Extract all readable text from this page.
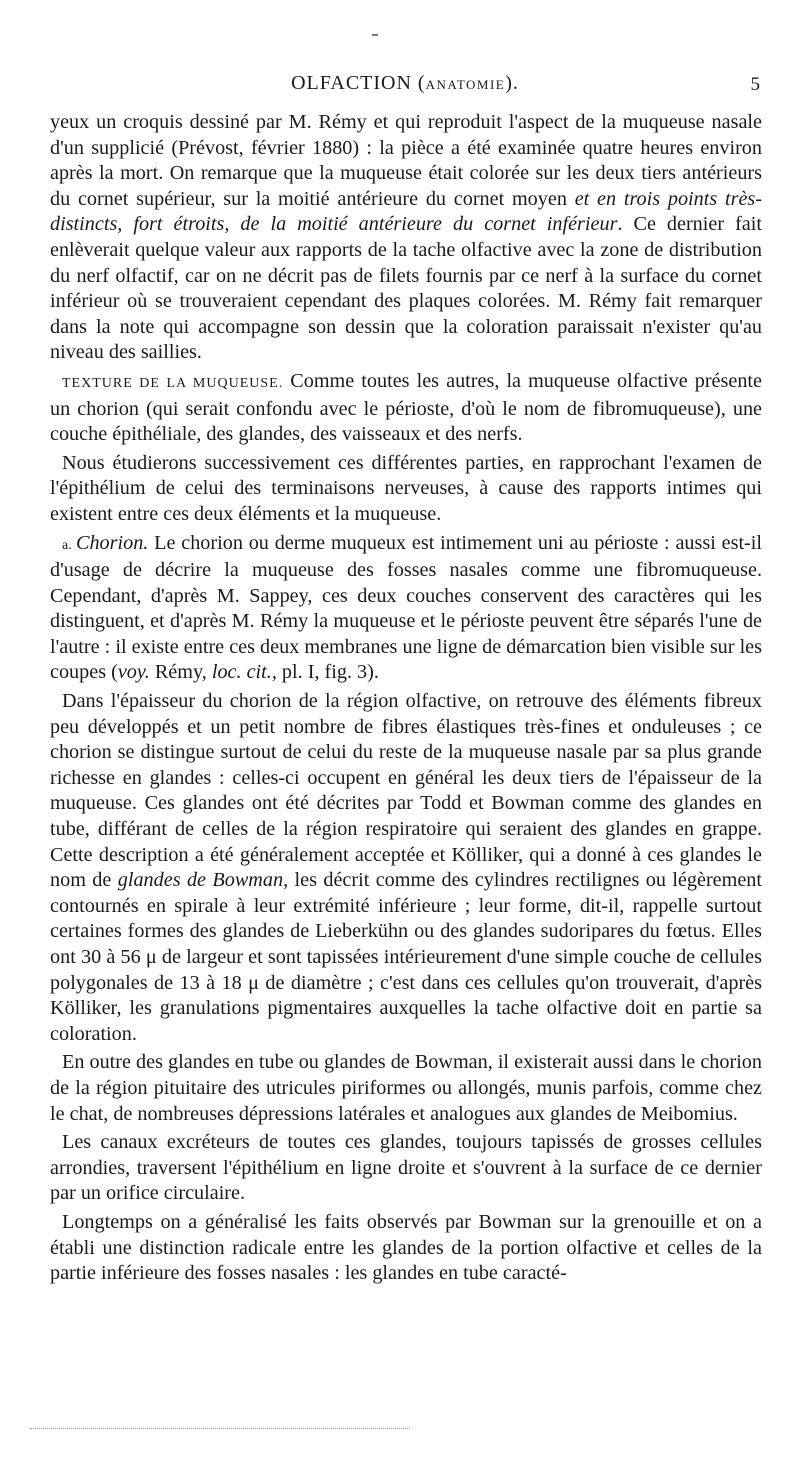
OLFACTION (ANATOMIE).	5

yeux un croquis dessiné par M. Rémy et qui reproduit l'aspect de la muqueuse nasale d'un supplicié (Prévost, février 1880) : la pièce a été examinée quatre heures environ après la mort. On remarque que la muqueuse était colorée sur les deux tiers antérieurs du cornet supérieur, sur la moitié antérieure du cornet moyen et en trois points très-distincts, fort étroits, de la moitié antérieure du cornet inférieur. Ce dernier fait enlèverait quelque valeur aux rapports de la tache olfactive avec la zone de distribution du nerf olfactif, car on ne décrit pas de filets fournis par ce nerf à la surface du cornet inférieur où se trouveraient cependant des plaques colorées. M. Rémy fait remarquer dans la note qui accompagne son dessin que la coloration paraissait n'exister qu'au niveau des saillies.

TEXTURE DE LA MUQUEUSE. Comme toutes les autres, la muqueuse olfactive présente un chorion (qui serait confondu avec le périoste, d'où le nom de fibromuqueuse), une couche épithéliale, des glandes, des vaisseaux et des nerfs.

Nous étudierons successivement ces différentes parties, en rapprochant l'examen de l'épithélium de celui des terminaisons nerveuses, à cause des rapports intimes qui existent entre ces deux éléments et la muqueuse.

a. Chorion. Le chorion ou derme muqueux est intimement uni au périoste : aussi est-il d'usage de décrire la muqueuse des fosses nasales comme une fibromuqueuse. Cependant, d'après M. Sappey, ces deux couches conservent des caractères qui les distinguent, et d'après M. Rémy la muqueuse et le périoste peuvent être séparés l'une de l'autre : il existe entre ces deux membranes une ligne de démarcation bien visible sur les coupes (voy. Rémy, loc. cit., pl. I, fig. 3).

Dans l'épaisseur du chorion de la région olfactive, on retrouve des éléments fibreux peu développés et un petit nombre de fibres élastiques très-fines et onduleuses ; ce chorion se distingue surtout de celui du reste de la muqueuse nasale par sa plus grande richesse en glandes : celles-ci occupent en général les deux tiers de l'épaisseur de la muqueuse. Ces glandes ont été décrites par Todd et Bowman comme des glandes en tube, différant de celles de la région respiratoire qui seraient des glandes en grappe. Cette description a été généralement acceptée et Kölliker, qui a donné à ces glandes le nom de glandes de Bowman, les décrit comme des cylindres rectilignes ou légèrement contournés en spirale à leur extrémité inférieure ; leur forme, dit-il, rappelle surtout certaines formes des glandes de Lieberkühn ou des glandes sudoripares du fœtus. Elles ont 30 à 56 μ de largeur et sont tapissées intérieurement d'une simple couche de cellules polygonales de 13 à 18 μ de diamètre ; c'est dans ces cellules qu'on trouverait, d'après Kölliker, les granulations pigmentaires auxquelles la tache olfactive doit en partie sa coloration.

En outre des glandes en tube ou glandes de Bowman, il existerait aussi dans le chorion de la région pituitaire des utricules piriformes ou allongés, munis parfois, comme chez le chat, de nombreuses dépressions latérales et analogues aux glandes de Meibomius.

Les canaux excréteurs de toutes ces glandes, toujours tapissés de grosses cellules arrondies, traversent l'épithélium en ligne droite et s'ouvrent à la surface de ce dernier par un orifice circulaire.

Longtemps on a généralisé les faits observés par Bowman sur la grenouille et on a établi une distinction radicale entre les glandes de la portion olfactive et celles de la partie inférieure des fosses nasales : les glandes en tube caracté-
